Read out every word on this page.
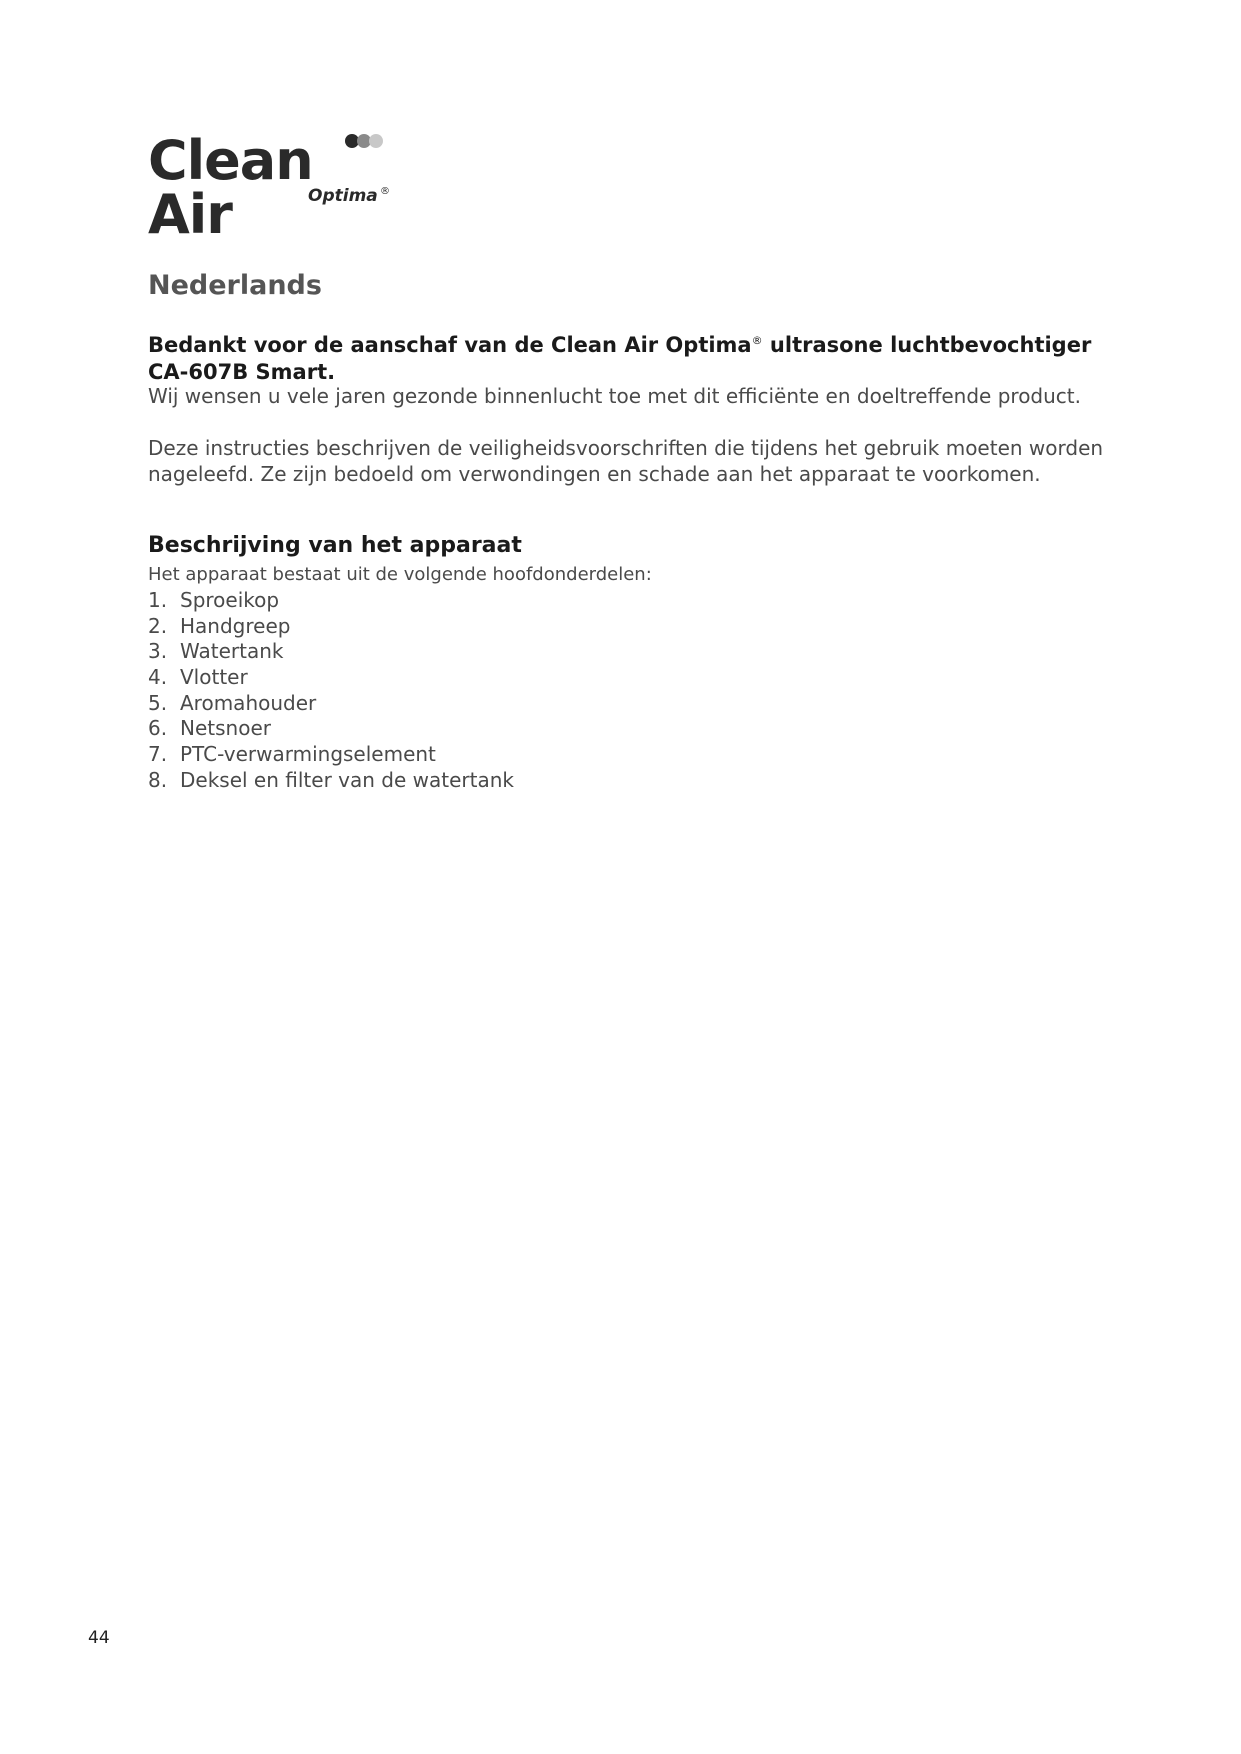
Clean Air	Optima ®
Nederlands
Bedankt voor de aanschaf van de Clean Air Optima® ultrasone luchtbevochtiger CA-607B Smart.
Wij wensen u vele jaren gezonde binnenlucht toe met dit efficiënte en doeltreffende product.
Deze instructies beschrijven de veiligheidsvoorschriften die tijdens het gebruik moeten worden nageleefd. Ze zijn bedoeld om verwondingen en schade aan het apparaat te voorkomen.
Beschrijving van het apparaat
Het apparaat bestaat uit de volgende hoofdonderdelen:
1. Sproeikop
2. Handgreep
3. Watertank
4. Vlotter
5. Aromahouder
6. Netsnoer
7. PTC-verwarmingselement
8. Deksel en filter van de watertank
44
